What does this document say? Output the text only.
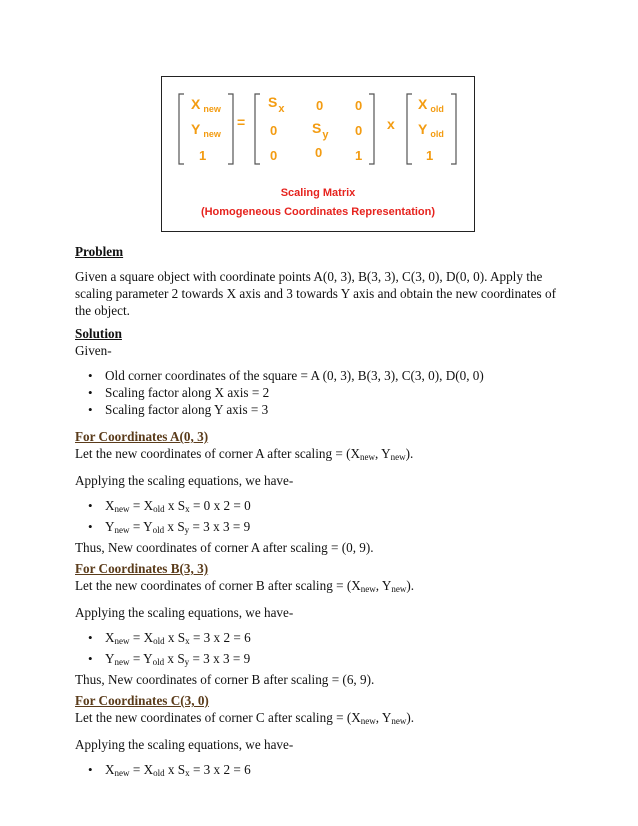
X $_{new}$
Y $_{new}$
1
=
$S_x$ 0 0
0 $S_y$ 0
0	0	1
x
X $_{old}$
Y $_{old}$
1
Scaling Matrix
(Homogeneous Coordinates Representation)

Problem

Given a square object with coordinate points A(0, 3), B(3, 3), C(3, 0), D(0, 0). Apply the scaling parameter 2 towards X axis and 3 towards Y axis and obtain the new coordinates of the object.

Solution

Given-

• Old corner coordinates of the square = A (0, 3), B(3, 3), C(3, 0), D(0, 0)
• Scaling factor along X axis = 2
• Scaling factor along Y axis = 3

For Coordinates A(0, 3)

Let the new coordinates of corner A after scaling = ($X_{new}$, $Y_{new}$).

Applying the scaling equations, we have-

• $X_{new} = X_{old}$ x $S_x = 0$ x 2 = 0
• $Y_{new} = Y_{old}$ x $S_y = 3$ x 3 = 9

Thus, New coordinates of corner A after scaling = (0, 9).

For Coordinates B(3, 3)

Let the new coordinates of corner B after scaling = ($X_{new}$, $Y_{new}$).

Applying the scaling equations, we have-

• $X_{new} = X_{old}$ x $S_x = 3$ x 2 = 6
• $Y_{new} = Y_{old}$ x $S_y = 3$ x 3 = 9

Thus, New coordinates of corner B after scaling = (6, 9).

For Coordinates C(3, 0)

Let the new coordinates of corner C after scaling = ($X_{new}$, $Y_{new}$).

Applying the scaling equations, we have-

• $X_{new} = X_{old}$ x $S_x = 3$ x 2 = 6
